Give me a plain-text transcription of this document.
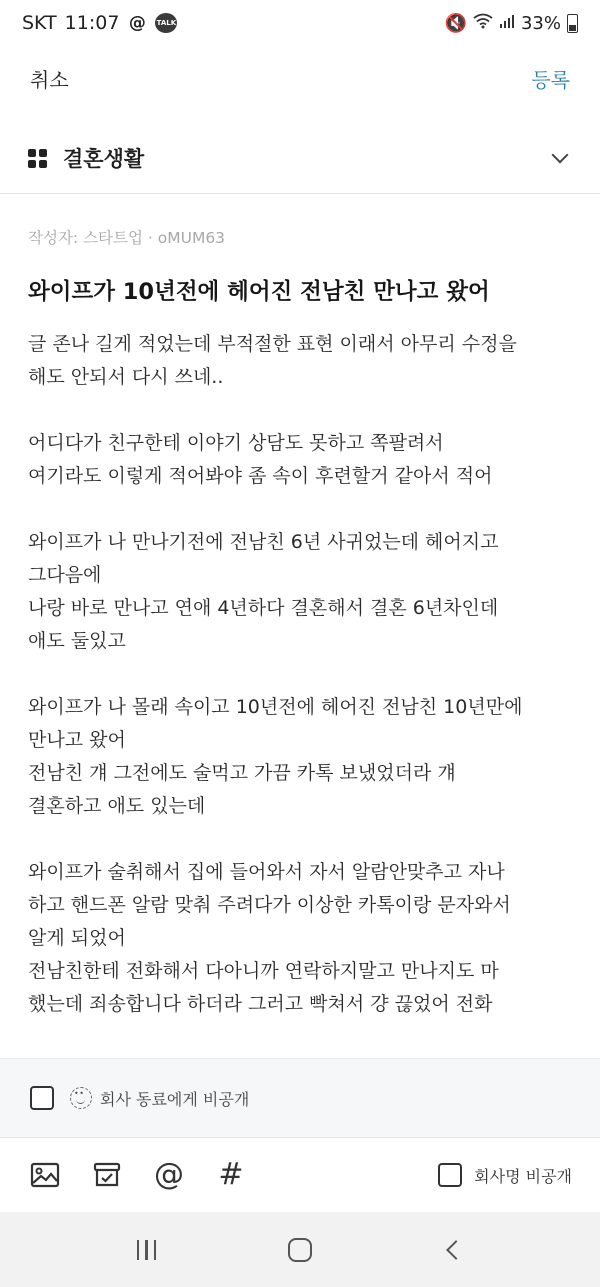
SKT 11:07 @ TALK	🔇	33%
취소	등록
결혼생활
작성자: 스타트업 · oMUM63
와이프가 10년전에 헤어진 전남친 만나고 왔어

글 존나 길게 적었는데 부적절한 표현 이래서 아무리 수정을

해도 안되서 다시 쓰네..

어디다가 친구한테 이야기 상담도 못하고 쪽팔려서

여기라도 이렇게 적어봐야 좀 속이 후련할거 같아서 적어

와이프가 나 만나기전에 전남친 6년 사귀었는데 헤어지고

그다음에

나랑 바로 만나고 연애 4년하다 결혼해서 결혼 6년차인데

애도 둘있고

와이프가 나 몰래 속이고 10년전에 헤어진 전남친 10년만에

만나고 왔어

전남친 걔 그전에도 술먹고 가끔 카톡 보냈었더라 걔

결혼하고 애도 있는데

와이프가 술취해서 집에 들어와서 자서 알람안맞추고 자나

하고 핸드폰 알람 맞춰 주려다가 이상한 카톡이랑 문자와서

알게 되었어

전남친한테 전화해서 다아니까 연락하지말고 만나지도 마

했는데 죄송합니다 하더라 그러고 빡쳐서 걍 끊었어 전화

• •
회사 동료에게 비공개
@ #	회사명 비공개
